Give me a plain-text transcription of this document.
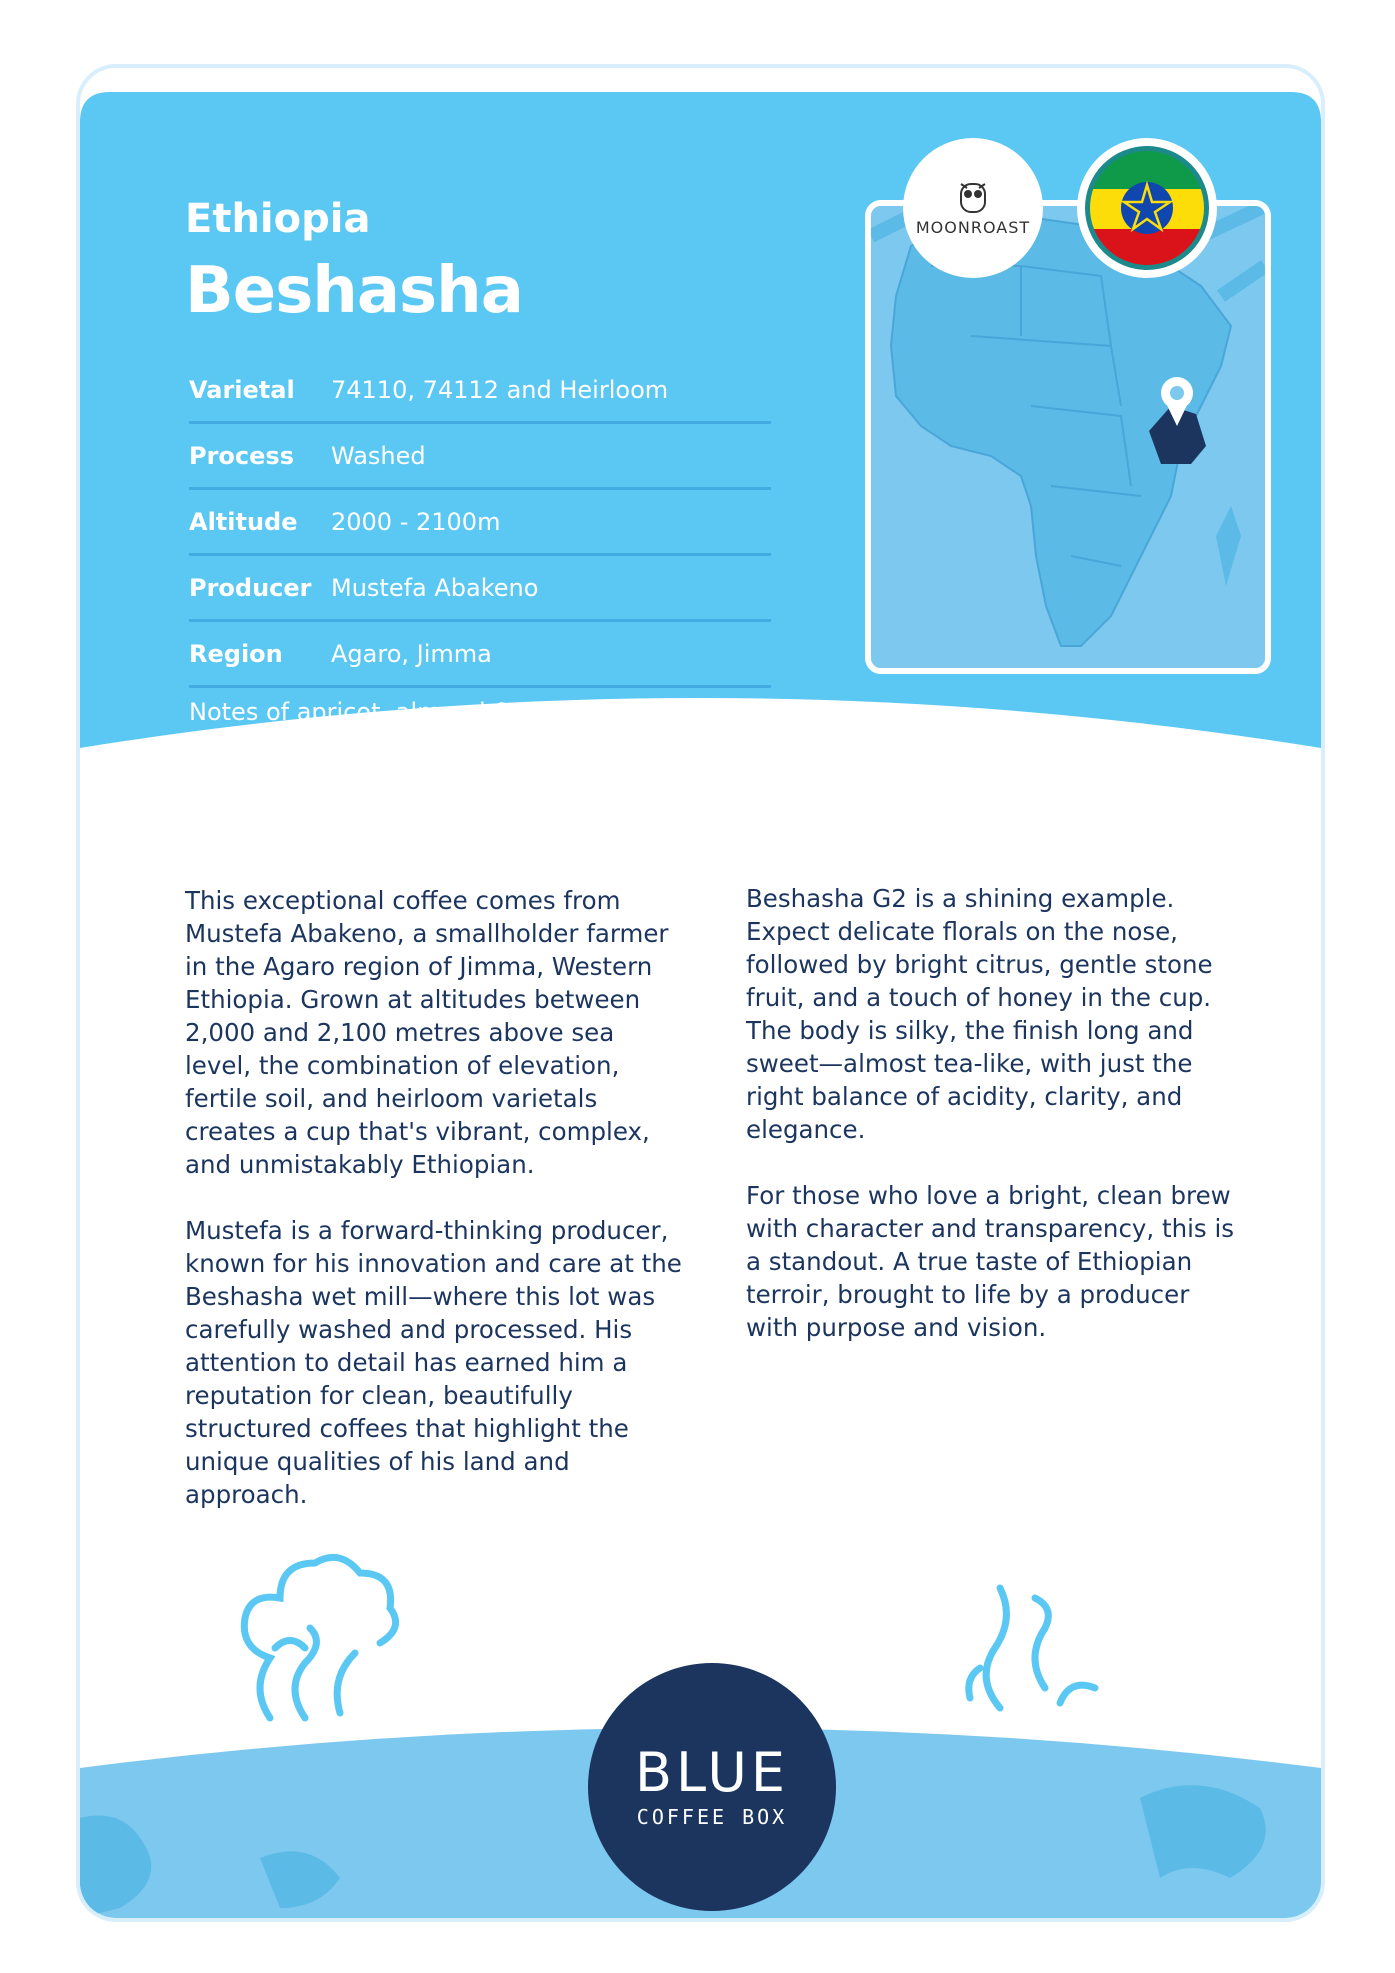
Ethiopia
Beshasha
Varietal	74110, 74112 and Heirloom
Process	Washed
Altitude	2000 - 2100m
Producer Mustefa Abakeno
Region	Agaro, Jimma
Notes of apricot, almond & treacle
MOONROAST

This exceptional coffee comes from Mustefa Abakeno, a smallholder farmer in the Agaro region of Jimma, Western Ethiopia. Grown at altitudes between 2,000 and 2,100 metres above sea level, the combination of elevation, fertile soil, and heirloom varietals creates a cup that's vibrant, complex, and unmistakably Ethiopian.

Mustefa is a forward-thinking producer, known for his innovation and care at the Beshasha wet mill—where this lot was carefully washed and processed. His attention to detail has earned him a reputation for clean, beautifully structured coffees that highlight the unique qualities of his land and approach.

Beshasha G2 is a shining example. Expect delicate florals on the nose, followed by bright citrus, gentle stone fruit, and a touch of honey in the cup. The body is silky, the finish long and sweet—almost tea-like, with just the right balance of acidity, clarity, and elegance.

For those who love a bright, clean brew with character and transparency, this is a standout. A true taste of Ethiopian terroir, brought to life by a producer with purpose and vision.

BLUE
COFFEE BOX
